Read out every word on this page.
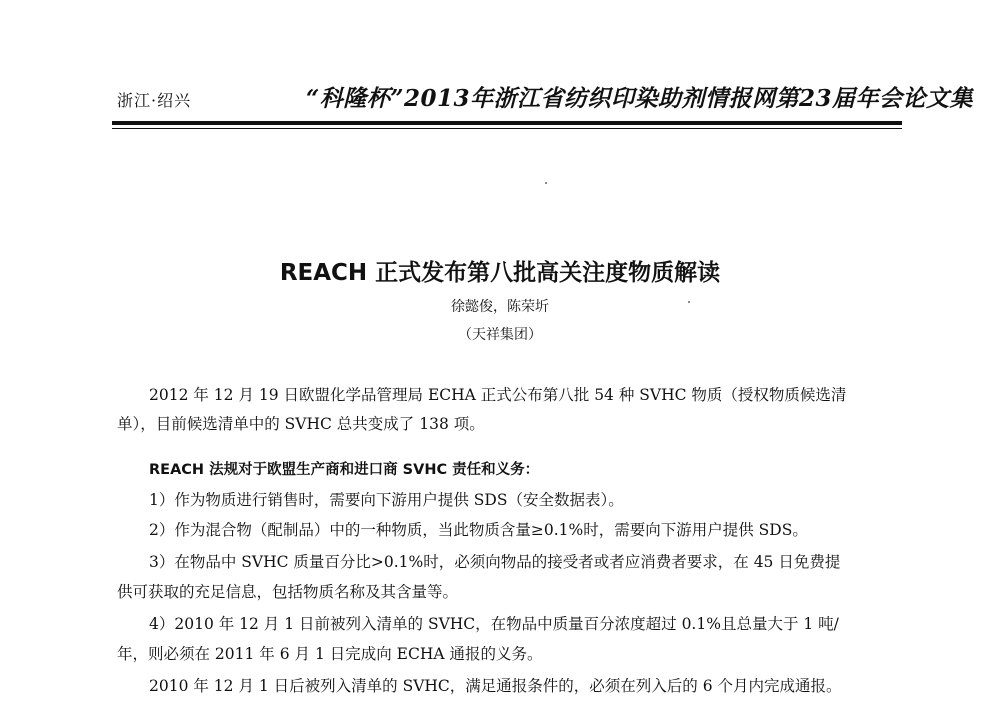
浙江·绍兴	“科隆杯”2013年浙江省纺织印染助剂情报网第23届年会论文集
REACH 正式发布第八批高关注度物质解读
徐懿俊，陈荣圻
（天祥集团）
2012 年 12 月 19 日欧盟化学品管理局 ECHA 正式公布第八批 54 种 SVHC 物质（授权物质候选清
单），目前候选清单中的 SVHC 总共变成了 138 项。
REACH 法规对于欧盟生产商和进口商 SVHC 责任和义务：
1）作为物质进行销售时，需要向下游用户提供 SDS（安全数据表）。
2）作为混合物（配制品）中的一种物质，当此物质含量≥0.1%时，需要向下游用户提供 SDS。
3）在物品中 SVHC 质量百分比>0.1%时，必须向物品的接受者或者应消费者要求，在 45 日免费提
供可获取的充足信息，包括物质名称及其含量等。
4）2010 年 12 月 1 日前被列入清单的 SVHC，在物品中质量百分浓度超过 0.1%且总量大于 1 吨/
年，则必须在 2011 年 6 月 1 日完成向 ECHA 通报的义务。
2010 年 12 月 1 日后被列入清单的 SVHC，满足通报条件的，必须在列入后的 6 个月内完成通报。
